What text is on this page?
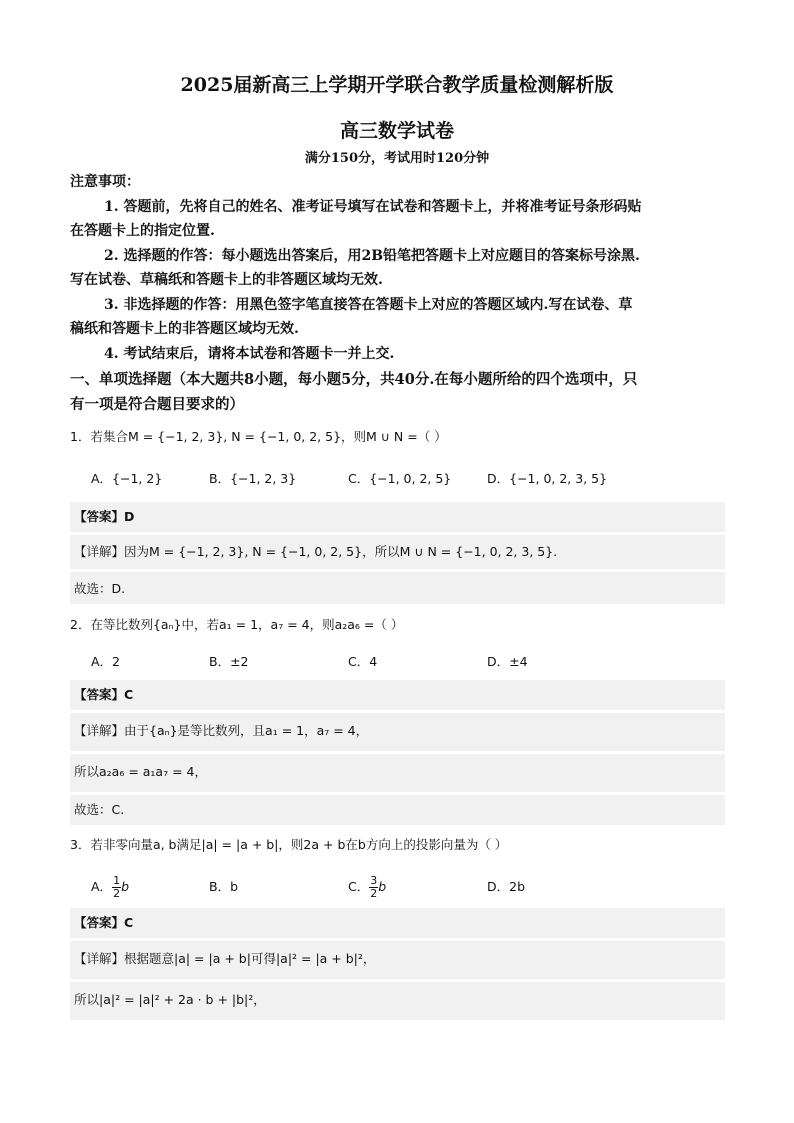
2025届新高三上学期开学联合教学质量检测解析版
高三数学试卷
满分150分，考试用时120分钟
注意事项：
1. 答题前，先将自己的姓名、准考证号填写在试卷和答题卡上，并将准考证号条形码贴
在答题卡上的指定位置.
2. 选择题的作答：每小题选出答案后，用2B铅笔把答题卡上对应题目的答案标号涂黑.
写在试卷、草稿纸和答题卡上的非答题区域均无效.
3. 非选择题的作答：用黑色签字笔直接答在答题卡上对应的答题区域内.写在试卷、草
稿纸和答题卡上的非答题区域均无效.
4. 考试结束后，请将本试卷和答题卡一并上交.
一、单项选择题（本大题共8小题，每小题5分，共40分.在每小题所给的四个选项中，只
有一项是符合题目要求的）
1．若集合M = {−1, 2, 3}, N = {−1, 0, 2, 5}，则M ∪ N =（ ）
A．{−1, 2}	B．{−1, 2, 3}	C．{−1, 0, 2, 5}	D．{−1, 0, 2, 3, 5}
【答案】D
【详解】因为M = {−1, 2, 3}, N = {−1, 0, 2, 5}，所以M ∪ N = {−1, 0, 2, 3, 5}.
故选：D.
2．在等比数列{aₙ}中，若a₁ = 1，a₇ = 4，则a₂a₆ =（ ）
A．2	B．±2	C．4	D．±4
【答案】C
【详解】由于{aₙ}是等比数列，且a₁ = 1，a₇ = 4，
所以a₂a₆ = a₁a₇ = 4，
故选：C.
3．若非零向量a, b满足|a| = |a + b|，则2a + b在b方向上的投影向量为（ ）
A． $\frac{1}{2}$ b	B．b	C． $\frac{3}{2}$ b	D．2b
【答案】C
【详解】根据题意|a| = |a + b|可得|a|² = |a + b|²，
所以|a|² = |a|² + 2a · b + |b|²，
